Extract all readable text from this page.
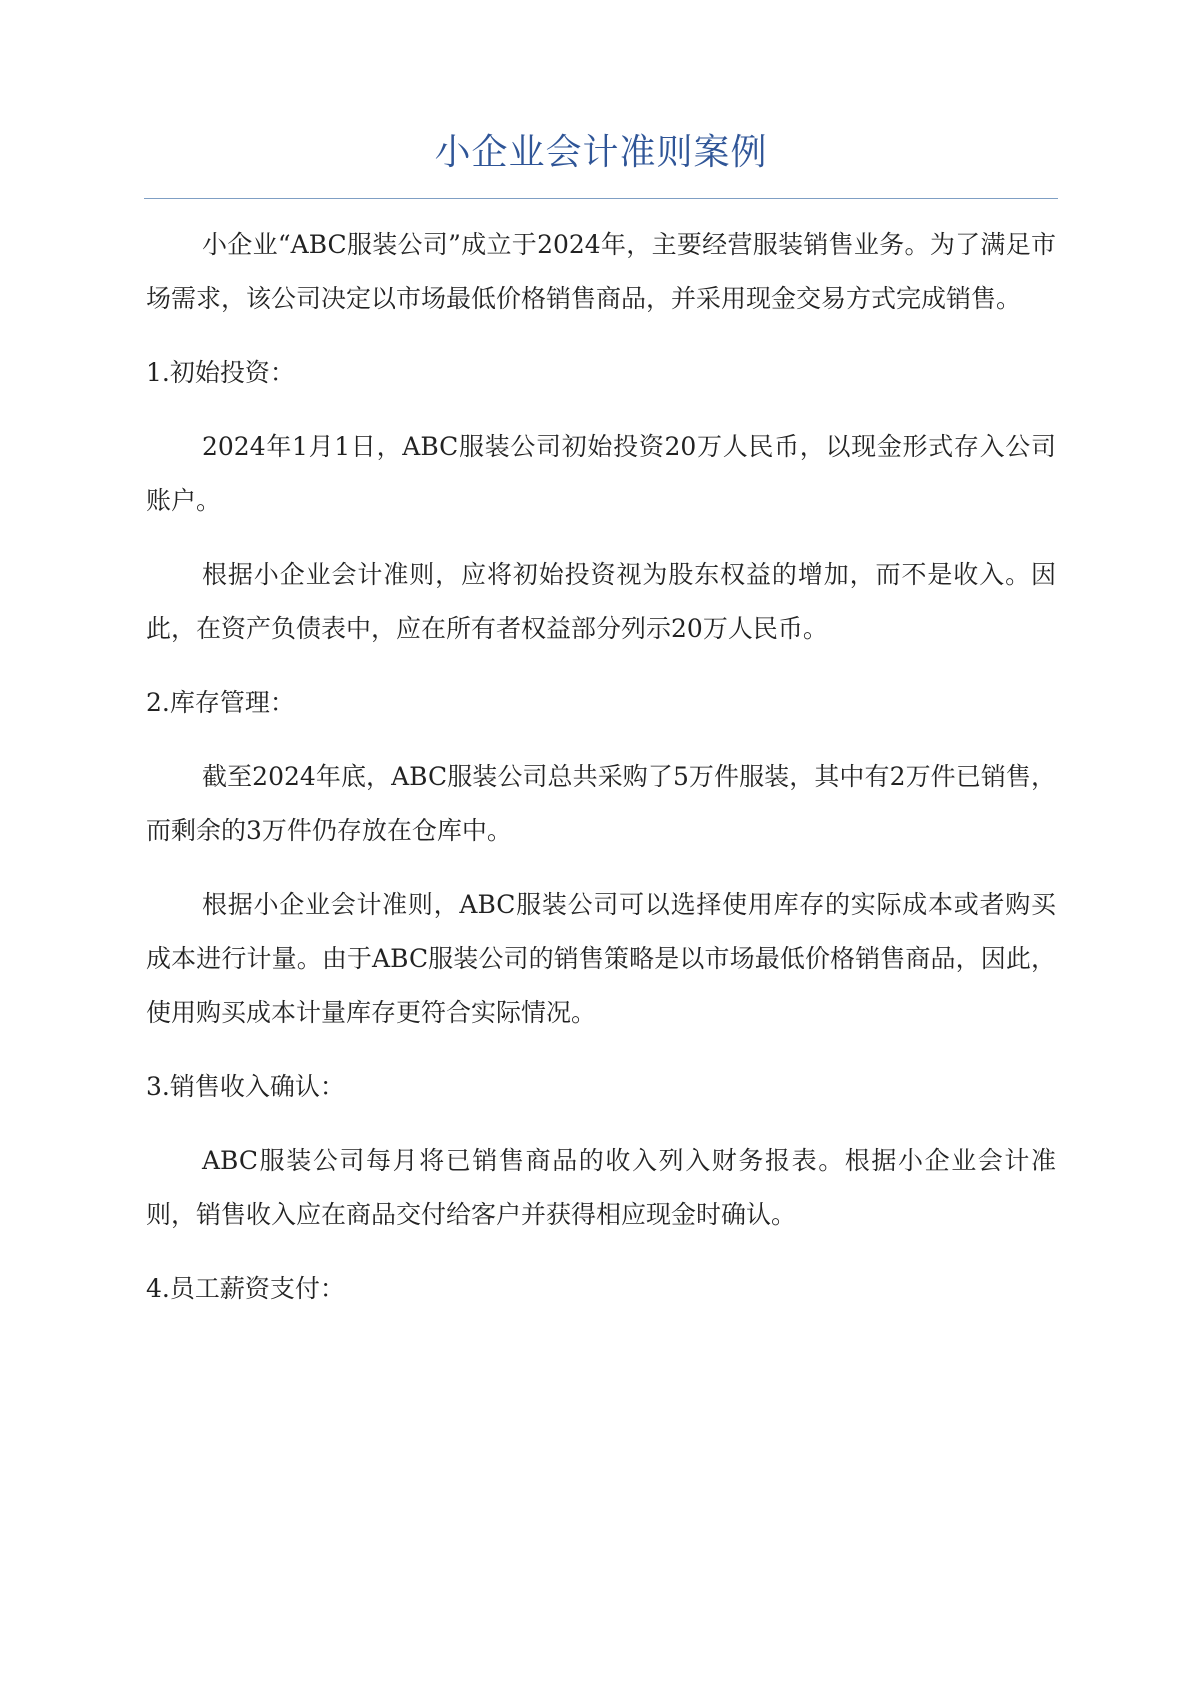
小企业会计准则案例

小企业“ABC服装公司”成立于2024年，主要经营服装销售业务。为了满足市场需求，该公司决定以市场最低价格销售商品，并采用现金交易方式完成销售。

1.初始投资：

2024年1月1日，ABC服装公司初始投资20万人民币，以现金形式存入公司账户。

根据小企业会计准则，应将初始投资视为股东权益的增加，而不是收入。因此，在资产负债表中，应在所有者权益部分列示20万人民币。

2.库存管理：

截至2024年底，ABC服装公司总共采购了5万件服装，其中有2万件已销售，而剩余的3万件仍存放在仓库中。

根据小企业会计准则，ABC服装公司可以选择使用库存的实际成本或者购买成本进行计量。由于ABC服装公司的销售策略是以市场最低价格销售商品，因此，使用购买成本计量库存更符合实际情况。

3.销售收入确认：

ABC服装公司每月将已销售商品的收入列入财务报表。根据小企业会计准则，销售收入应在商品交付给客户并获得相应现金时确认。

4.员工薪资支付：
